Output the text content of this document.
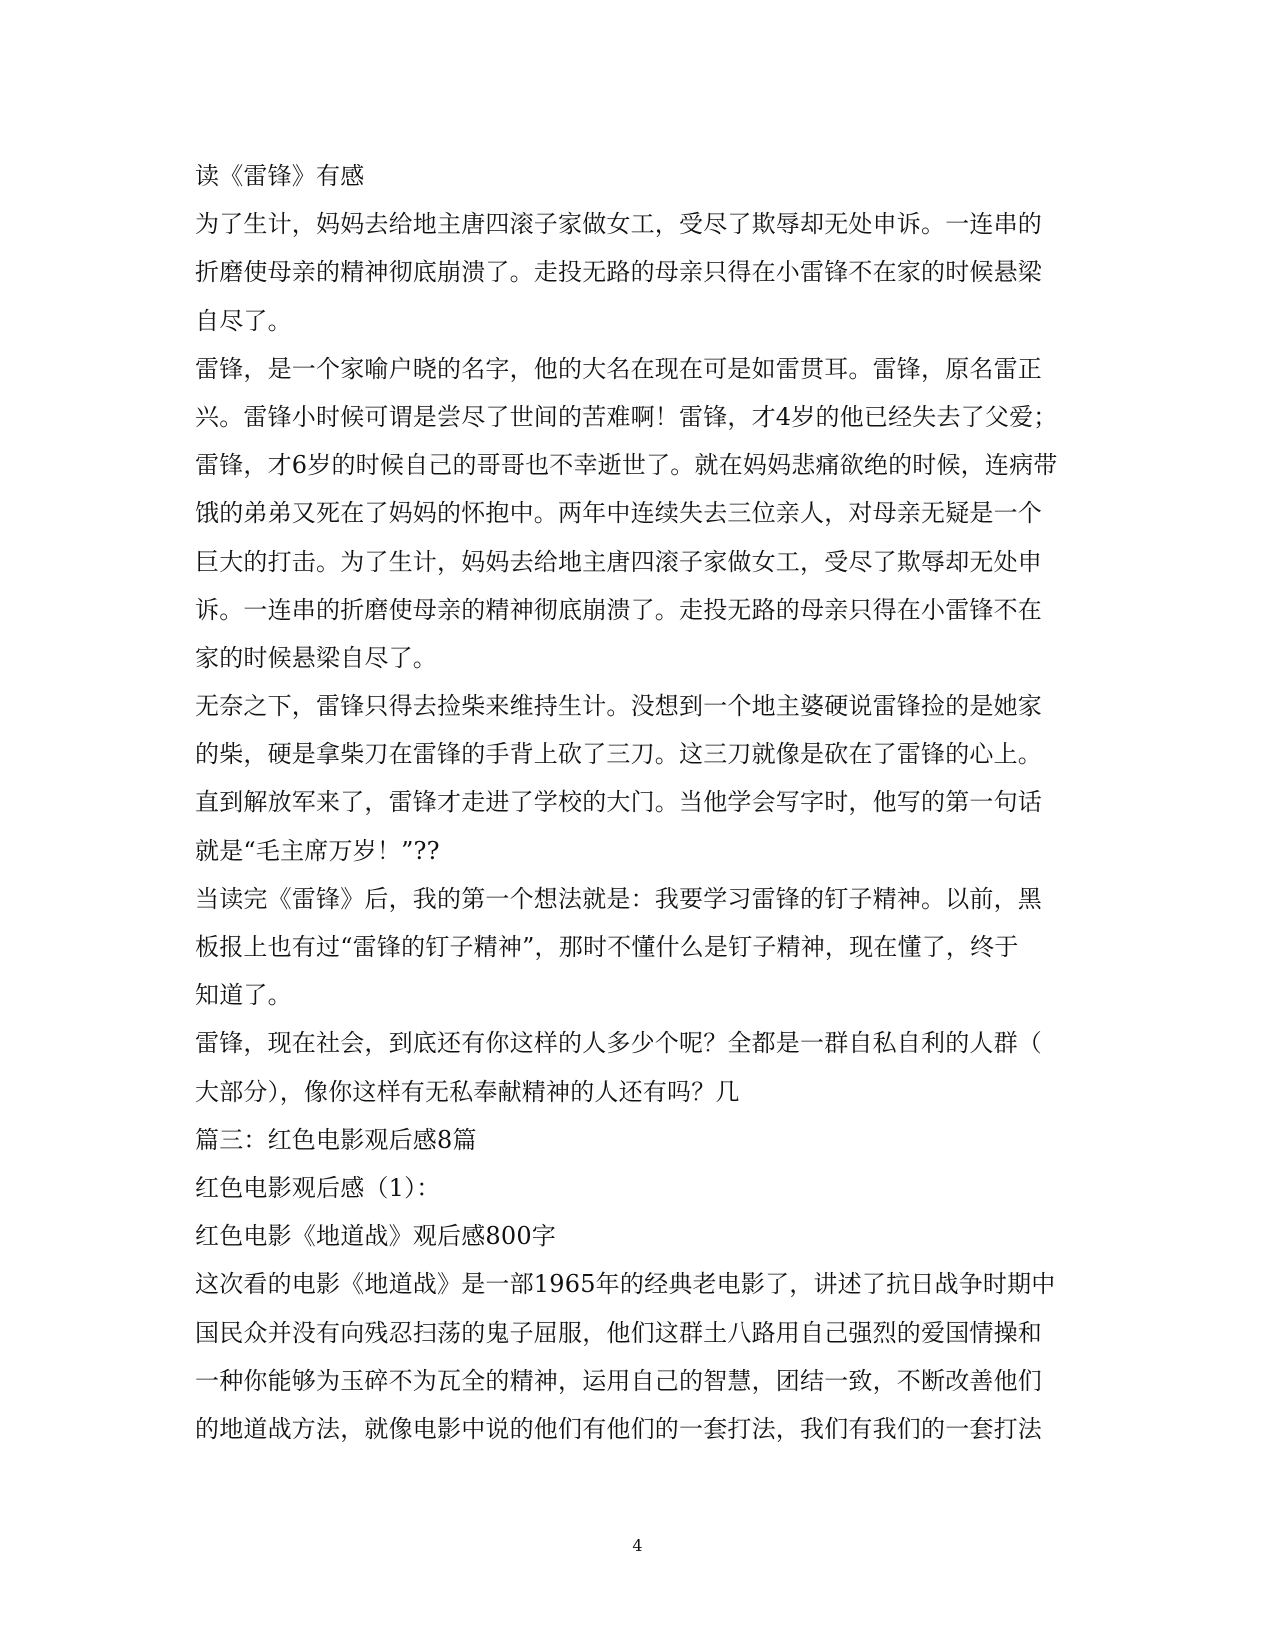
读《雷锋》有感
为了生计，妈妈去给地主唐四滚子家做女工，受尽了欺辱却无处申诉。一连串的
折磨使母亲的精神彻底崩溃了。走投无路的母亲只得在小雷锋不在家的时候悬梁
自尽了。
雷锋，是一个家喻户晓的名字，他的大名在现在可是如雷贯耳。雷锋，原名雷正
兴。雷锋小时候可谓是尝尽了世间的苦难啊！雷锋，才4岁的他已经失去了父爱；
雷锋，才6岁的时候自己的哥哥也不幸逝世了。就在妈妈悲痛欲绝的时候，连病带
饿的弟弟又死在了妈妈的怀抱中。两年中连续失去三位亲人，对母亲无疑是一个
巨大的打击。为了生计，妈妈去给地主唐四滚子家做女工，受尽了欺辱却无处申
诉。一连串的折磨使母亲的精神彻底崩溃了。走投无路的母亲只得在小雷锋不在
家的时候悬梁自尽了。
无奈之下，雷锋只得去捡柴来维持生计。没想到一个地主婆硬说雷锋捡的是她家
的柴，硬是拿柴刀在雷锋的手背上砍了三刀。这三刀就像是砍在了雷锋的心上。
直到解放军来了，雷锋才走进了学校的大门。当他学会写字时，他写的第一句话
就是“毛主席万岁！”??
当读完《雷锋》后，我的第一个想法就是：我要学习雷锋的钉子精神。以前，黑
板报上也有过“雷锋的钉子精神”，那时不懂什么是钉子精神，现在懂了，终于
知道了。
雷锋，现在社会，到底还有你这样的人多少个呢？全都是一群自私自利的人群（
大部分），像你这样有无私奉献精神的人还有吗？几
篇三：红色电影观后感8篇
红色电影观后感（1）：
红色电影《地道战》观后感800字
这次看的电影《地道战》是一部1965年的经典老电影了，讲述了抗日战争时期中
国民众并没有向残忍扫荡的鬼子屈服，他们这群土八路用自己强烈的爱国情操和
一种你能够为玉碎不为瓦全的精神，运用自己的智慧，团结一致，不断改善他们
的地道战方法，就像电影中说的他们有他们的一套打法，我们有我们的一套打法
4
